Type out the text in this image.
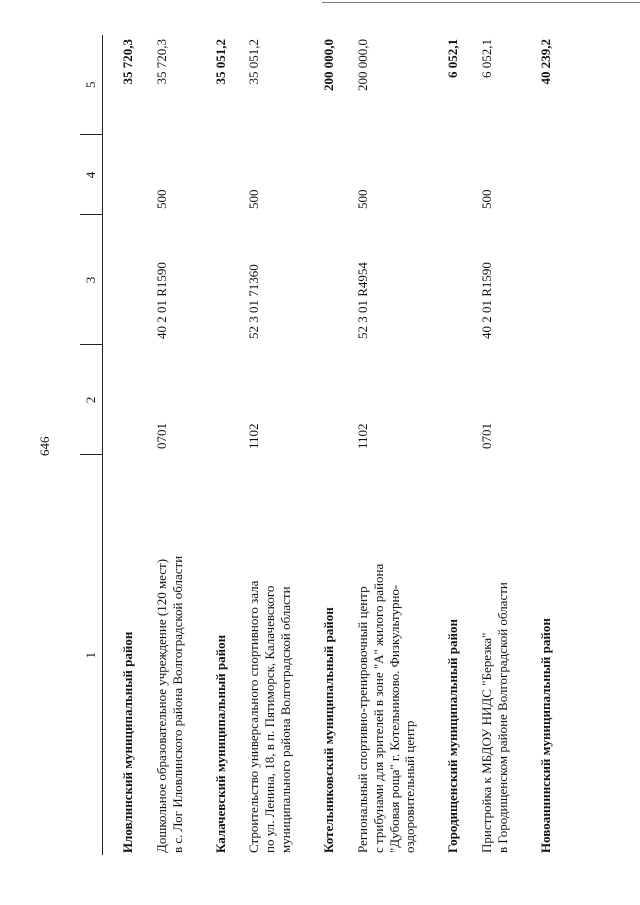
646
1	2	3	4	5

Иловлинский муниципальный район				35 720,3

Дошкольное образовательное учреждение (120 мест) в с. Лог Иловлинского района Волгоградской области	0701	40 2 01 R1590	500	35 720,3
Калачевский муниципальный район				35 051,2

Строительство универсального спортивного зала по ул. Ленина, 18, в п. Пятиморск, Калачевского муниципального района Волгоградской области	1102	52 3 01 71360	500	35 051,2
Котельниковский муниципальный район				200 000,0

Региональный спортивно-тренировочный центр с трибунами для зрителей в зоне "А" жилого района "Дубовая роща" г. Котельниково. Физкультурно- оздоровительный центр	1102	52 3 01 R4954	500	200 000,0
Городищенский муниципальный район				6 052,1

Пристройка к МБДОУ НИДС "Березка" в Городищенском районе Волгоградской области	0701	40 2 01 R1590	500	6 052,1
Новоаннинский муниципальный район				40 239,2
